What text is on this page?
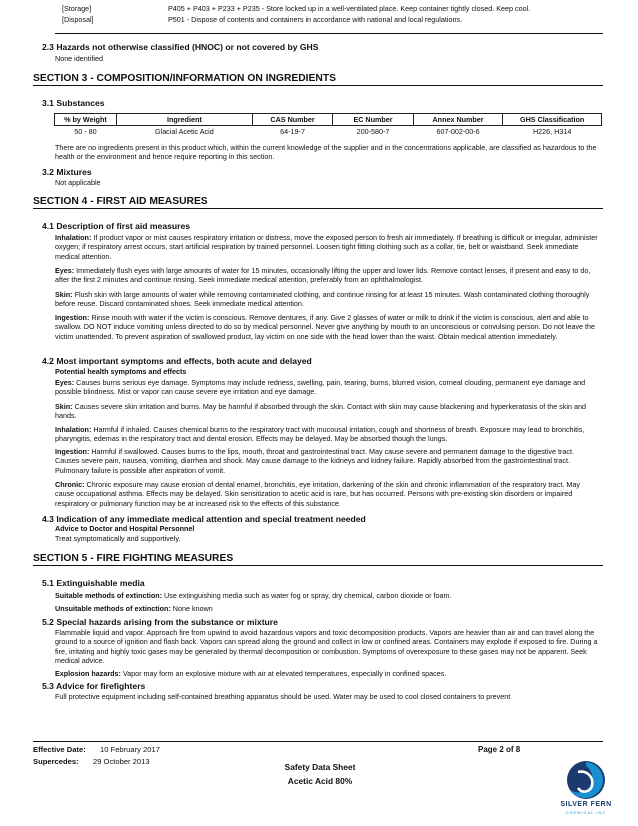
[Storage]	P405 + P403 + P233 + P235 - Store locked up in a well-ventilated place. Keep container tightly closed. Keep cool.
[Disposal]	P501 - Dispose of contents and containers in accordance with national and local regulations.
2.3 Hazards not otherwise classified (HNOC) or not covered by GHS
None identified
SECTION 3 - COMPOSITION/INFORMATION ON INGREDIENTS
3.1 Substances
% by Weight	Ingredient	CAS Number	EC Number	Annex Number	GHS Classification
50 - 80	Glacial Acetic Acid	64-19-7	200-580-7	607-002-00-6	H226, H314
There are no ingredients present in this product which, within the current knowledge of the supplier and in the concentrations applicable, are classified as hazardous to the health or the environment and hence require reporting in this section.
3.2 Mixtures
Not applicable
SECTION 4 - FIRST AID MEASURES
4.1 Description of first aid measures
Inhalation: If product vapor or mist causes respiratory irritation or distress, move the exposed person to fresh air immediately. If breathing is difficult or irregular, administer oxygen; if respiratory arrest occurs, start artificial respiration by trained personnel. Loosen tight fitting clothing such as a collar, tie, belt or waistband. Seek immediate medical attention.
Eyes: Immediately flush eyes with large amounts of water for 15 minutes, occasionally lifting the upper and lower lids. Remove contact lenses, if present and easy to do, after the first 2 minutes and continue rinsing. Seek immediate medical attention, preferably from an ophthalmologist.
Skin: Flush skin with large amounts of water while removing contaminated clothing, and continue rinsing for at least 15 minutes. Wash contaminated clothing thoroughly before reuse. Discard contaminated shoes. Seek immediate medical attention.
Ingestion: Rinse mouth with water if the victim is conscious. Remove dentures, if any. Give 2 glasses of water or milk to drink if the victim is conscious, alert and able to swallow. DO NOT induce vomiting unless directed to do so by medical personnel. Never give anything by mouth to an unconscious or convulsing person. Do not leave the victim unattended. To prevent aspiration of swallowed product, lay victim on one side with the head lower than the waist. Obtain medical attention immediately.
4.2 Most important symptoms and effects, both acute and delayed
Potential health symptoms and effects
Eyes: Causes burns serious eye damage. Symptoms may include redness, swelling, pain, tearing, burns, blurred vision, corneal clouding, permanent eye damage and possible blindness. Mist or vapor can cause severe eye irritation and eye damage.
Skin: Causes severe skin irritation and burns. May be harmful if absorbed through the skin. Contact with skin may cause blackening and hyperkeratosis of the skin and hands.
Inhalation: Harmful if inhaled. Causes chemical burns to the respiratory tract with mucousal irritation, cough and shortness of breath. Exposure may lead to bronchitis, pharyngitis, edemas in the respiratory tract and dental erosion. Effects may be delayed. May be absorbed though the lungs.
Ingestion: Harmful if swallowed. Causes burns to the lips, mouth, throat and gastrointestinal tract. May cause severe and permanent damage to the digestive tract. Causes severe pain, nausea, vomiting, diarrhea and shock. May cause damage to the kidneys and kidney failure. Rapidly absorbed from the gastrointestinal tract. Pulmonary failure is possible after aspiration of vomit.
Chronic: Chronic exposure may cause erosion of dental enamel, bronchitis, eye irritation, darkening of the skin and chronic inflammation of the respiratory tract. May cause occupational asthma. Effects may be delayed. Skin sensitization to acetic acid is rare, but has occurred. Persons with pre-existing skin disorders or impaired respiratory or pulmonary function may be at increased risk to the effects of this substance.
4.3 Indication of any immediate medical attention and special treatment needed
Advice to Doctor and Hospital Personnel
Treat symptomatically and supportively.
SECTION 5 - FIRE FIGHTING MEASURES
5.1 Extinguishable media
Suitable methods of extinction: Use extinguishing media such as water fog or spray, dry chemical, carbon dioxide or foam.
Unsuitable methods of extinction: None known
5.2 Special hazards arising from the substance or mixture
Flammable liquid and vapor. Approach fire from upwind to avoid hazardous vapors and toxic decomposition products. Vapors are heavier than air and can travel along the ground to a source of ignition and flash back. Vapors can spread along the ground and collect in low or confined areas. Containers may explode if exposed to fire. During a fire, irritating and highly toxic gases may be generated by thermal decomposition or combustion. Symptoms of overexposure to these gases may not be apparent. Seek medical advice.
Explosion hazards: Vapor may form an explosive mixture with air at elevated temperatures, especially in confined spaces.
5.3 Advice for firefighters
Full protective equipment including self-contained breathing apparatus should be used. Water may be used to cool closed containers to prevent
Effective Date: 10 February 2017
Supercedes: 29 October 2013
Page 2 of 8
Safety Data Sheet
Acetic Acid 80%
SILVER FERN
CHEMICAL INC
